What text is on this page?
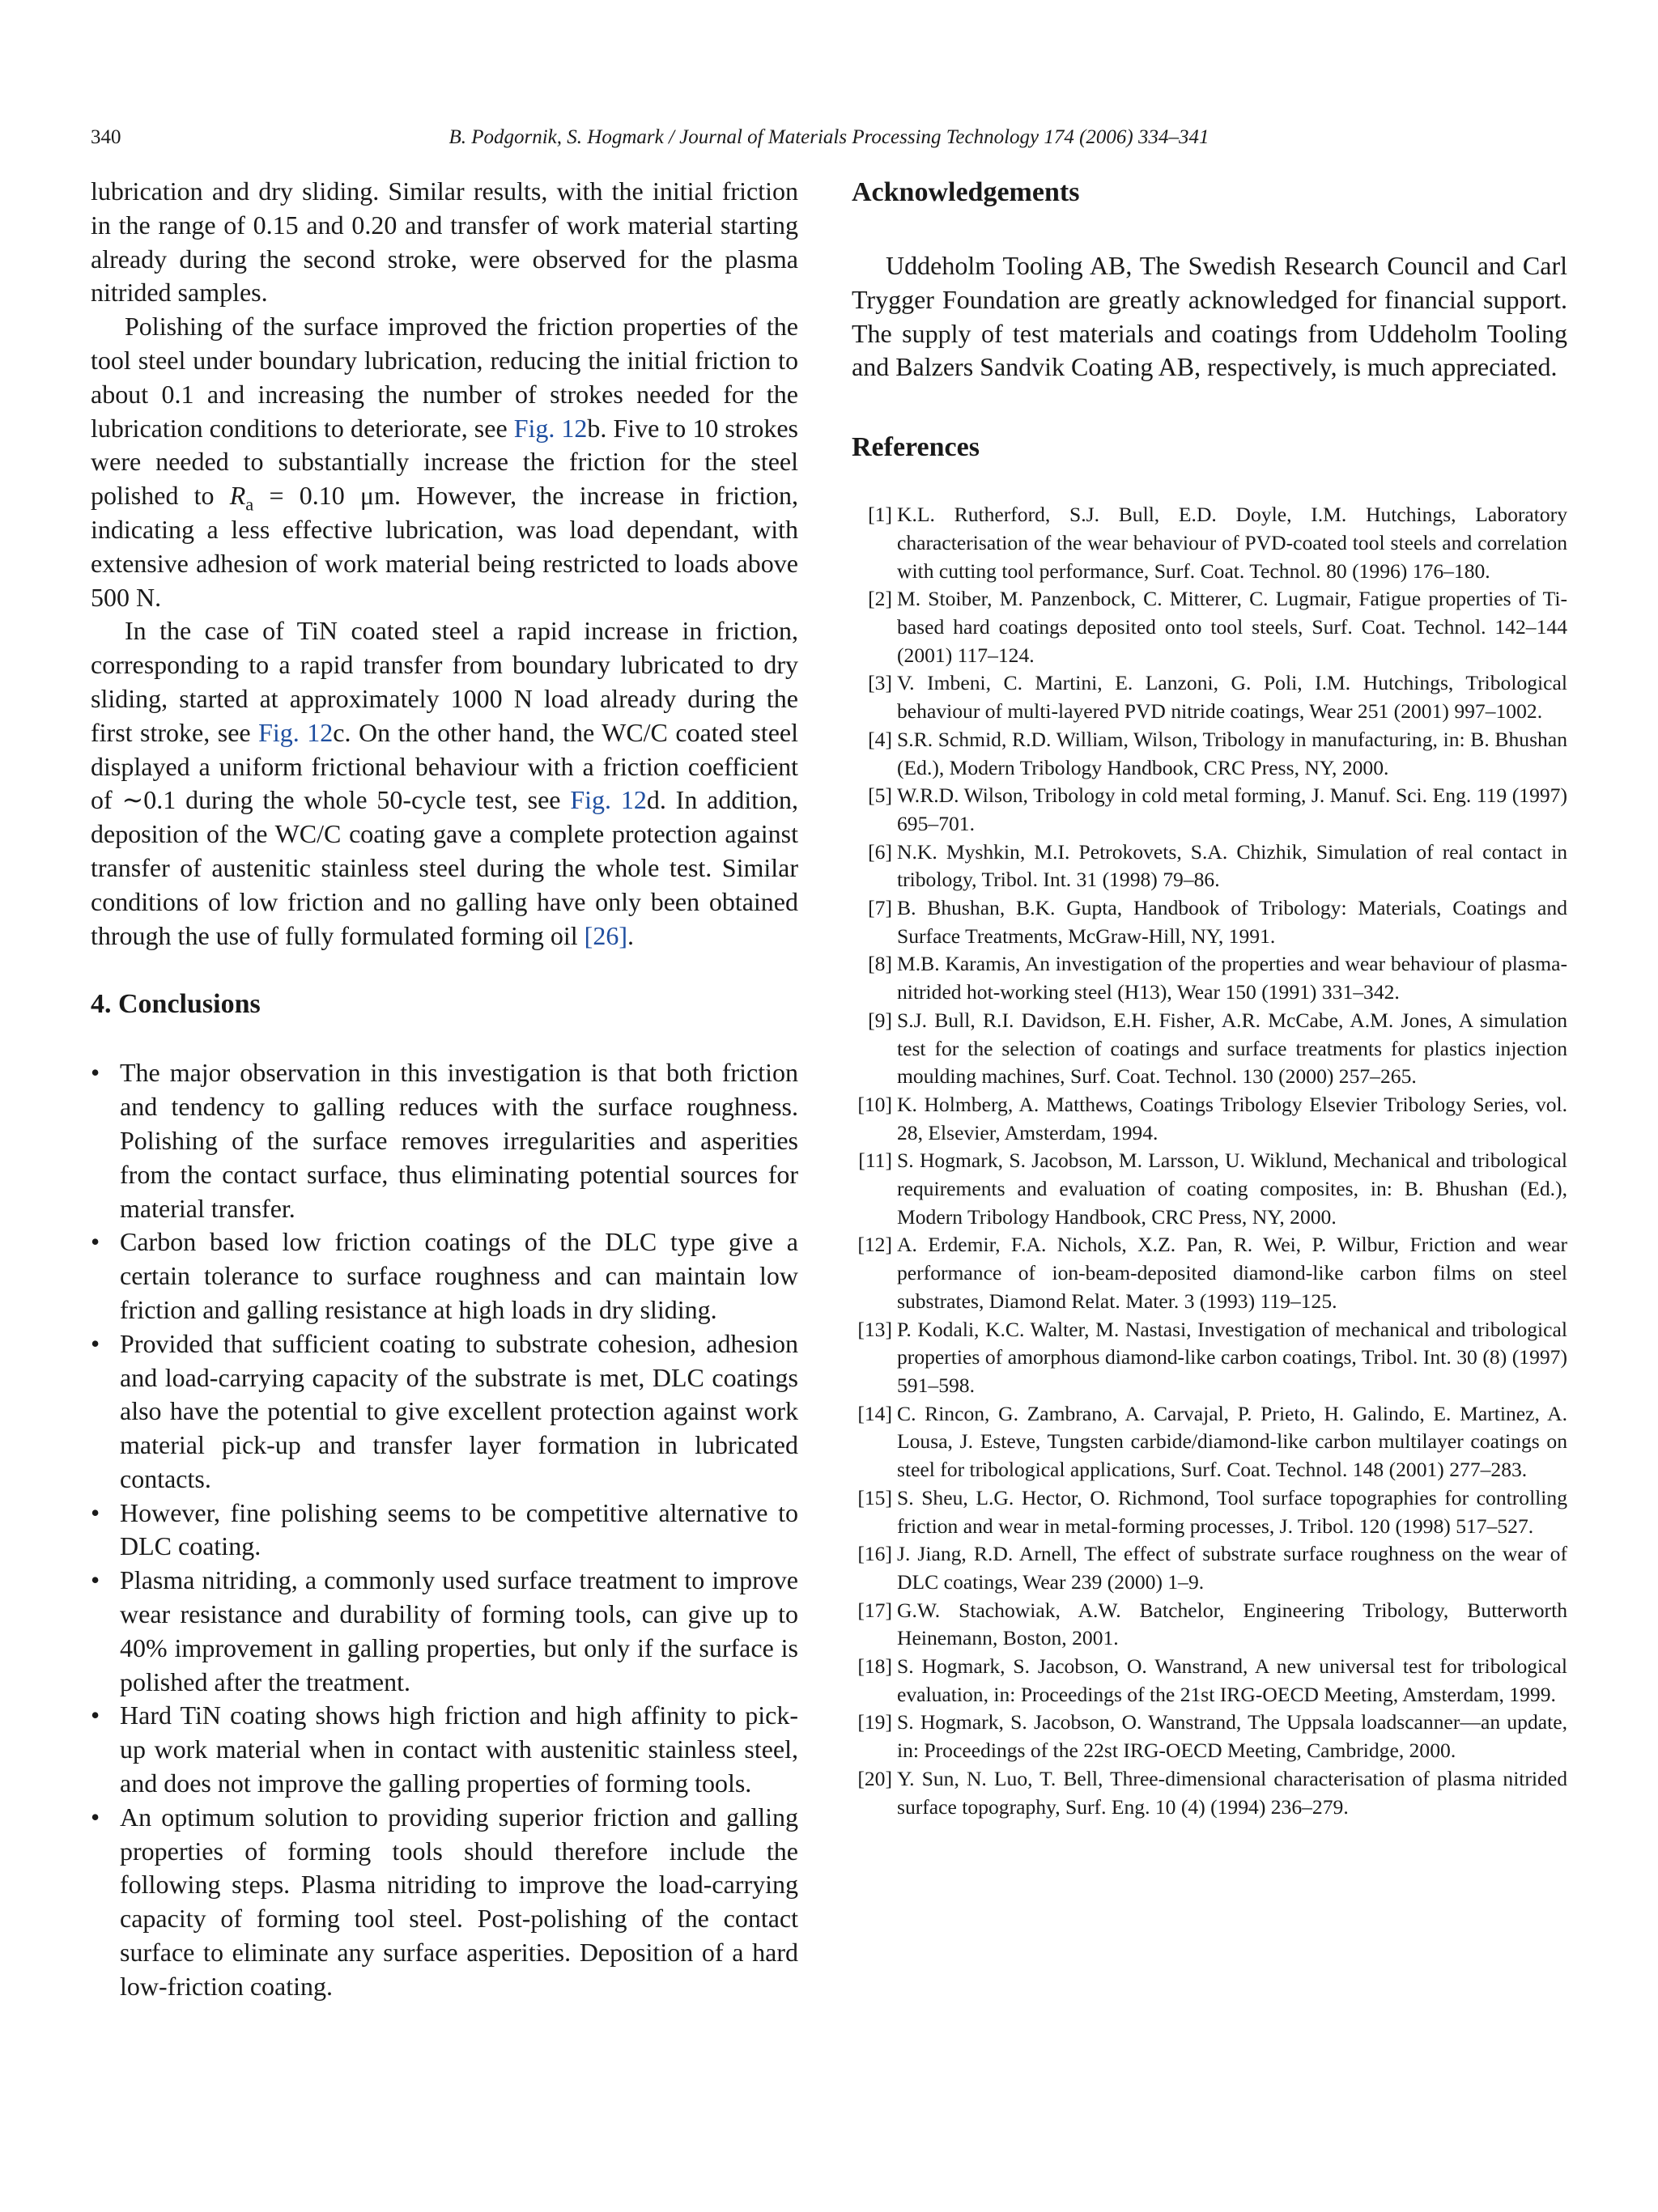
340	B. Podgornik, S. Hogmark / Journal of Materials Processing Technology 174 (2006) 334–341

lubrication and dry sliding. Similar results, with the initial friction in the range of 0.15 and 0.20 and transfer of work material starting already during the second stroke, were observed for the plasma nitrided samples.

Polishing of the surface improved the friction properties of the tool steel under boundary lubrication, reducing the initial friction to about 0.1 and increasing the number of strokes needed for the lubrication conditions to deteriorate, see Fig. 12b. Five to 10 strokes were needed to substantially increase the friction for the steel polished to $R_a = 0.10$ μm. However, the increase in friction, indicating a less effective lubrication, was load dependant, with extensive adhesion of work material being restricted to loads above 500 N.

In the case of TiN coated steel a rapid increase in friction, corresponding to a rapid transfer from boundary lubricated to dry sliding, started at approximately 1000 N load already during the first stroke, see Fig. 12c. On the other hand, the WC/C coated steel displayed a uniform frictional behaviour with a friction coefficient of ∼0.1 during the whole 50-cycle test, see Fig. 12d. In addition, deposition of the WC/C coating gave a complete protection against transfer of austenitic stainless steel during the whole test. Similar conditions of low friction and no galling have only been obtained through the use of fully formulated forming oil [26].

4. Conclusions
• The major observation in this investigation is that both friction and tendency to galling reduces with the surface roughness. Polishing of the surface removes irregularities and asperities from the contact surface, thus eliminating potential sources for material transfer.
• Carbon based low friction coatings of the DLC type give a certain tolerance to surface roughness and can maintain low friction and galling resistance at high loads in dry sliding.
• Provided that sufficient coating to substrate cohesion, adhesion and load-carrying capacity of the substrate is met, DLC coatings also have the potential to give excellent protection against work material pick-up and transfer layer formation in lubricated contacts.
• However, fine polishing seems to be competitive alternative to DLC coating.
• Plasma nitriding, a commonly used surface treatment to improve wear resistance and durability of forming tools, can give up to 40% improvement in galling properties, but only if the surface is polished after the treatment.
• Hard TiN coating shows high friction and high affinity to pick-up work material when in contact with austenitic stainless steel, and does not improve the galling properties of forming tools.
• An optimum solution to providing superior friction and galling properties of forming tools should therefore include the following steps. Plasma nitriding to improve the load-carrying capacity of forming tool steel. Post-polishing of the contact surface to eliminate any surface asperities. Deposition of a hard low-friction coating.
Acknowledgements

Uddeholm Tooling AB, The Swedish Research Council and Carl Trygger Foundation are greatly acknowledged for financial support. The supply of test materials and coatings from Uddeholm Tooling and Balzers Sandvik Coating AB, respectively, is much appreciated.

References
[1] K.L. Rutherford, S.J. Bull, E.D. Doyle, I.M. Hutchings, Laboratory characterisation of the wear behaviour of PVD-coated tool steels and correlation with cutting tool performance, Surf. Coat. Technol. 80 (1996) 176–180.
[2] M. Stoiber, M. Panzenbock, C. Mitterer, C. Lugmair, Fatigue properties of Ti-based hard coatings deposited onto tool steels, Surf. Coat. Technol. 142–144 (2001) 117–124.
[3] V. Imbeni, C. Martini, E. Lanzoni, G. Poli, I.M. Hutchings, Tribological behaviour of multi-layered PVD nitride coatings, Wear 251 (2001) 997–1002.
[4] S.R. Schmid, R.D. William, Wilson, Tribology in manufacturing, in: B. Bhushan (Ed.), Modern Tribology Handbook, CRC Press, NY, 2000.
[5] W.R.D. Wilson, Tribology in cold metal forming, J. Manuf. Sci. Eng. 119 (1997) 695–701.
[6] N.K. Myshkin, M.I. Petrokovets, S.A. Chizhik, Simulation of real contact in tribology, Tribol. Int. 31 (1998) 79–86.
[7] B. Bhushan, B.K. Gupta, Handbook of Tribology: Materials, Coatings and Surface Treatments, McGraw-Hill, NY, 1991.
[8] M.B. Karamis, An investigation of the properties and wear behaviour of plasma-nitrided hot-working steel (H13), Wear 150 (1991) 331–342.
[9] S.J. Bull, R.I. Davidson, E.H. Fisher, A.R. McCabe, A.M. Jones, A simulation test for the selection of coatings and surface treatments for plastics injection moulding machines, Surf. Coat. Technol. 130 (2000) 257–265.
[10] K. Holmberg, A. Matthews, Coatings Tribology Elsevier Tribology Series, vol. 28, Elsevier, Amsterdam, 1994.
[11] S. Hogmark, S. Jacobson, M. Larsson, U. Wiklund, Mechanical and tribological requirements and evaluation of coating composites, in: B. Bhushan (Ed.), Modern Tribology Handbook, CRC Press, NY, 2000.
[12] A. Erdemir, F.A. Nichols, X.Z. Pan, R. Wei, P. Wilbur, Friction and wear performance of ion-beam-deposited diamond-like carbon films on steel substrates, Diamond Relat. Mater. 3 (1993) 119–125.
[13] P. Kodali, K.C. Walter, M. Nastasi, Investigation of mechanical and tribological properties of amorphous diamond-like carbon coatings, Tribol. Int. 30 (8) (1997) 591–598.
[14] C. Rincon, G. Zambrano, A. Carvajal, P. Prieto, H. Galindo, E. Martinez, A. Lousa, J. Esteve, Tungsten carbide/diamond-like carbon multilayer coatings on steel for tribological applications, Surf. Coat. Technol. 148 (2001) 277–283.
[15] S. Sheu, L.G. Hector, O. Richmond, Tool surface topographies for controlling friction and wear in metal-forming processes, J. Tribol. 120 (1998) 517–527.
[16] J. Jiang, R.D. Arnell, The effect of substrate surface roughness on the wear of DLC coatings, Wear 239 (2000) 1–9.
[17] G.W. Stachowiak, A.W. Batchelor, Engineering Tribology, Butterworth Heinemann, Boston, 2001.
[18] S. Hogmark, S. Jacobson, O. Wanstrand, A new universal test for tribological evaluation, in: Proceedings of the 21st IRG-OECD Meeting, Amsterdam, 1999.
[19] S. Hogmark, S. Jacobson, O. Wanstrand, The Uppsala loadscanner—an update, in: Proceedings of the 22st IRG-OECD Meeting, Cambridge, 2000.
[20] Y. Sun, N. Luo, T. Bell, Three-dimensional characterisation of plasma nitrided surface topography, Surf. Eng. 10 (4) (1994) 236–279.
